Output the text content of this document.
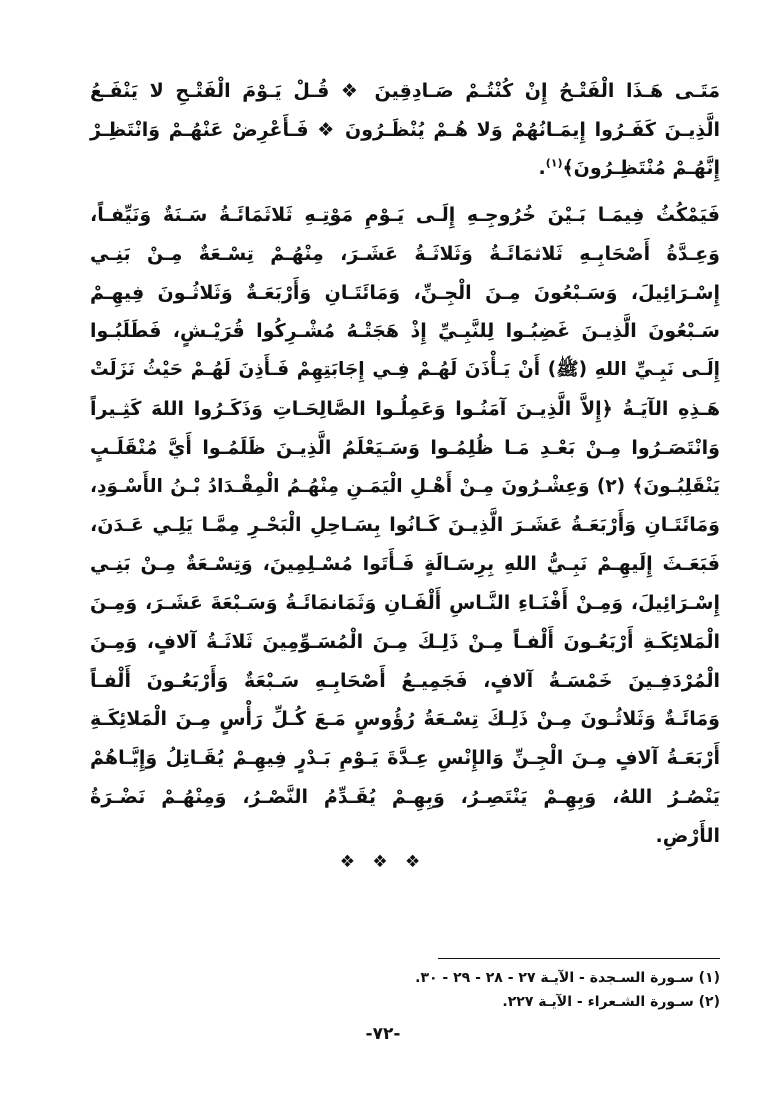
مَتَـى هَـذَا الْفَتْـحُ إِنْ كُنْتُـمْ صَـادِقِينَ ❖ قُـلْ يَـوْمَ الْفَتْـحِ لا يَنْفَـعُ
الَّذِيـنَ كَفَـرُوا إِيمَـانُهُمْ وَلا هُـمْ يُنْظَـرُونَ ❖ فَـأَعْرِضْ عَنْهُـمْ وَانْتَظِـرْ
إِنَّهُـمْ مُنْتَظِـرُونَ﴾$^{(١)}$.
فَيَمْكُثُ فِيمَـا بَـيْنَ خُرُوجِـهِ إِلَـى يَـوْمِ مَوْتِـهِ ثَلاثَمَائَـةُ سَـنَةٌ وَنَيِّفـاً،
وَعِـدَّةُ أَصْحَابِـهِ ثَلاثمَائَـةُ وَثَلاثَـةُ عَشَـرَ، مِنْهُـمْ تِسْـعَةٌ مِـنْ بَنِـي
إِسْـرَائِيلَ، وَسَـبْعُونَ مِـنَ الْجِـنِّ، وَمَائَتَـانِ وَأَرْبَعَـةٌ وَثَلاثُـونَ فِيهِـمْ
سَـبْعُونَ الَّذِيـنَ غَضِبُـوا لِلنَّبِـيِّ إِذْ هَجَتْـهُ مُشْـرِكُوا قُرَيْـشٍ، فَطَلَبُـوا
إِلَـى نَبِـيِّ اللهِ (ﷺ) أَنْ يَـأْذَنَ لَهُـمْ فِـي إِجَابَتِهِمْ فَـأَذِنَ لَهُـمْ حَيْثُ نَزَلَتْ
هَـذِهِ الآيَـةُ ﴿إِلاَّ الَّذِيـنَ آمَنُـوا وَعَمِلُـوا الصَّالِحَـاتِ وَذَكَـرُوا اللهَ كَثِـيراً
وَانْتَصَـرُوا مِـنْ بَعْـدِ مَـا ظُلِمُـوا وَسَـيَعْلَمُ الَّذِيـنَ ظَلَمُـوا أَيَّ مُنْقَلَـبٍ
يَنْقَلِبُـونَ﴾ (٢) وَعِشْـرُونَ مِـنْ أَهْـلِ الْيَمَـنِ مِنْهُـمُ الْمِقْـدَادُ بْـنُ الأَسْـوَدِ،
وَمَائَتَـانِ وَأَرْبَعَـةُ عَشَـرَ الَّذِيـنَ كَـانُوا بِسَـاحِلِ الْبَحْـرِ مِمَّـا يَلِـي عَـدَنَ،
فَبَعَـثَ إِلَيهِـمْ نَبِـيُّ اللهِ بِرِسَـالَةٍ فَـأَتَوا مُسْـلِمِينَ، وَتِسْـعَةٌ مِـنْ بَنِـي
إِسْـرَائِيلَ، وَمِـنْ أَفْنَـاءِ النَّـاسِ أَلْفَـانِ وَثَمَانمَائَـةُ وَسَـبْعَةَ عَشَـرَ، وَمِـنَ
الْمَلائِكَـةِ أَرْبَعُـونَ أَلْفـاً مِـنْ ذَلِـكَ مِـنَ الْمُسَـوِّمِينَ ثَلاثَـةُ آلافٍ، وَمِـنَ
الْمُرْدَفِـينَ خَمْسَـةُ آلافٍ، فَجَمِيـعُ أَصْحَابِـهِ سَـبْعَةٌ وَأَرْبَعُـونَ أَلْفـاً
وَمَائَـةٌ وَثَلاثُـونَ مِـنْ ذَلِـكَ تِسْـعَةُ رُؤُوسٍ مَـعَ كُـلِّ رَأْسٍ مِـنَ الْمَلائِكَـةِ
أَرْبَعَـةُ آلافٍ مِـنَ الْجِـنِّ وَالإِنْسِ عِـدَّةَ يَـوْمِ بَـدْرٍ فِيهِـمْ يُقَـاتِلُ وَإِيَّـاهُمْ
يَنْصُـرُ اللهُ، وَبِهِـمْ يَنْتَصِـرُ، وَبِهِـمْ يُقَـدِّمُ النَّصْـرُ، وَمِنْهُـمْ نَضْـرَةُ
الأَرْضِ.
❖ ❖ ❖
(١) سـورة السـجدة - الآيـة ٢٧ - ٢٨ - ٢٩ - ٣٠.
(٢) سـورة الشـعراء - الآيـة ٢٢٧.
-٧٢-
